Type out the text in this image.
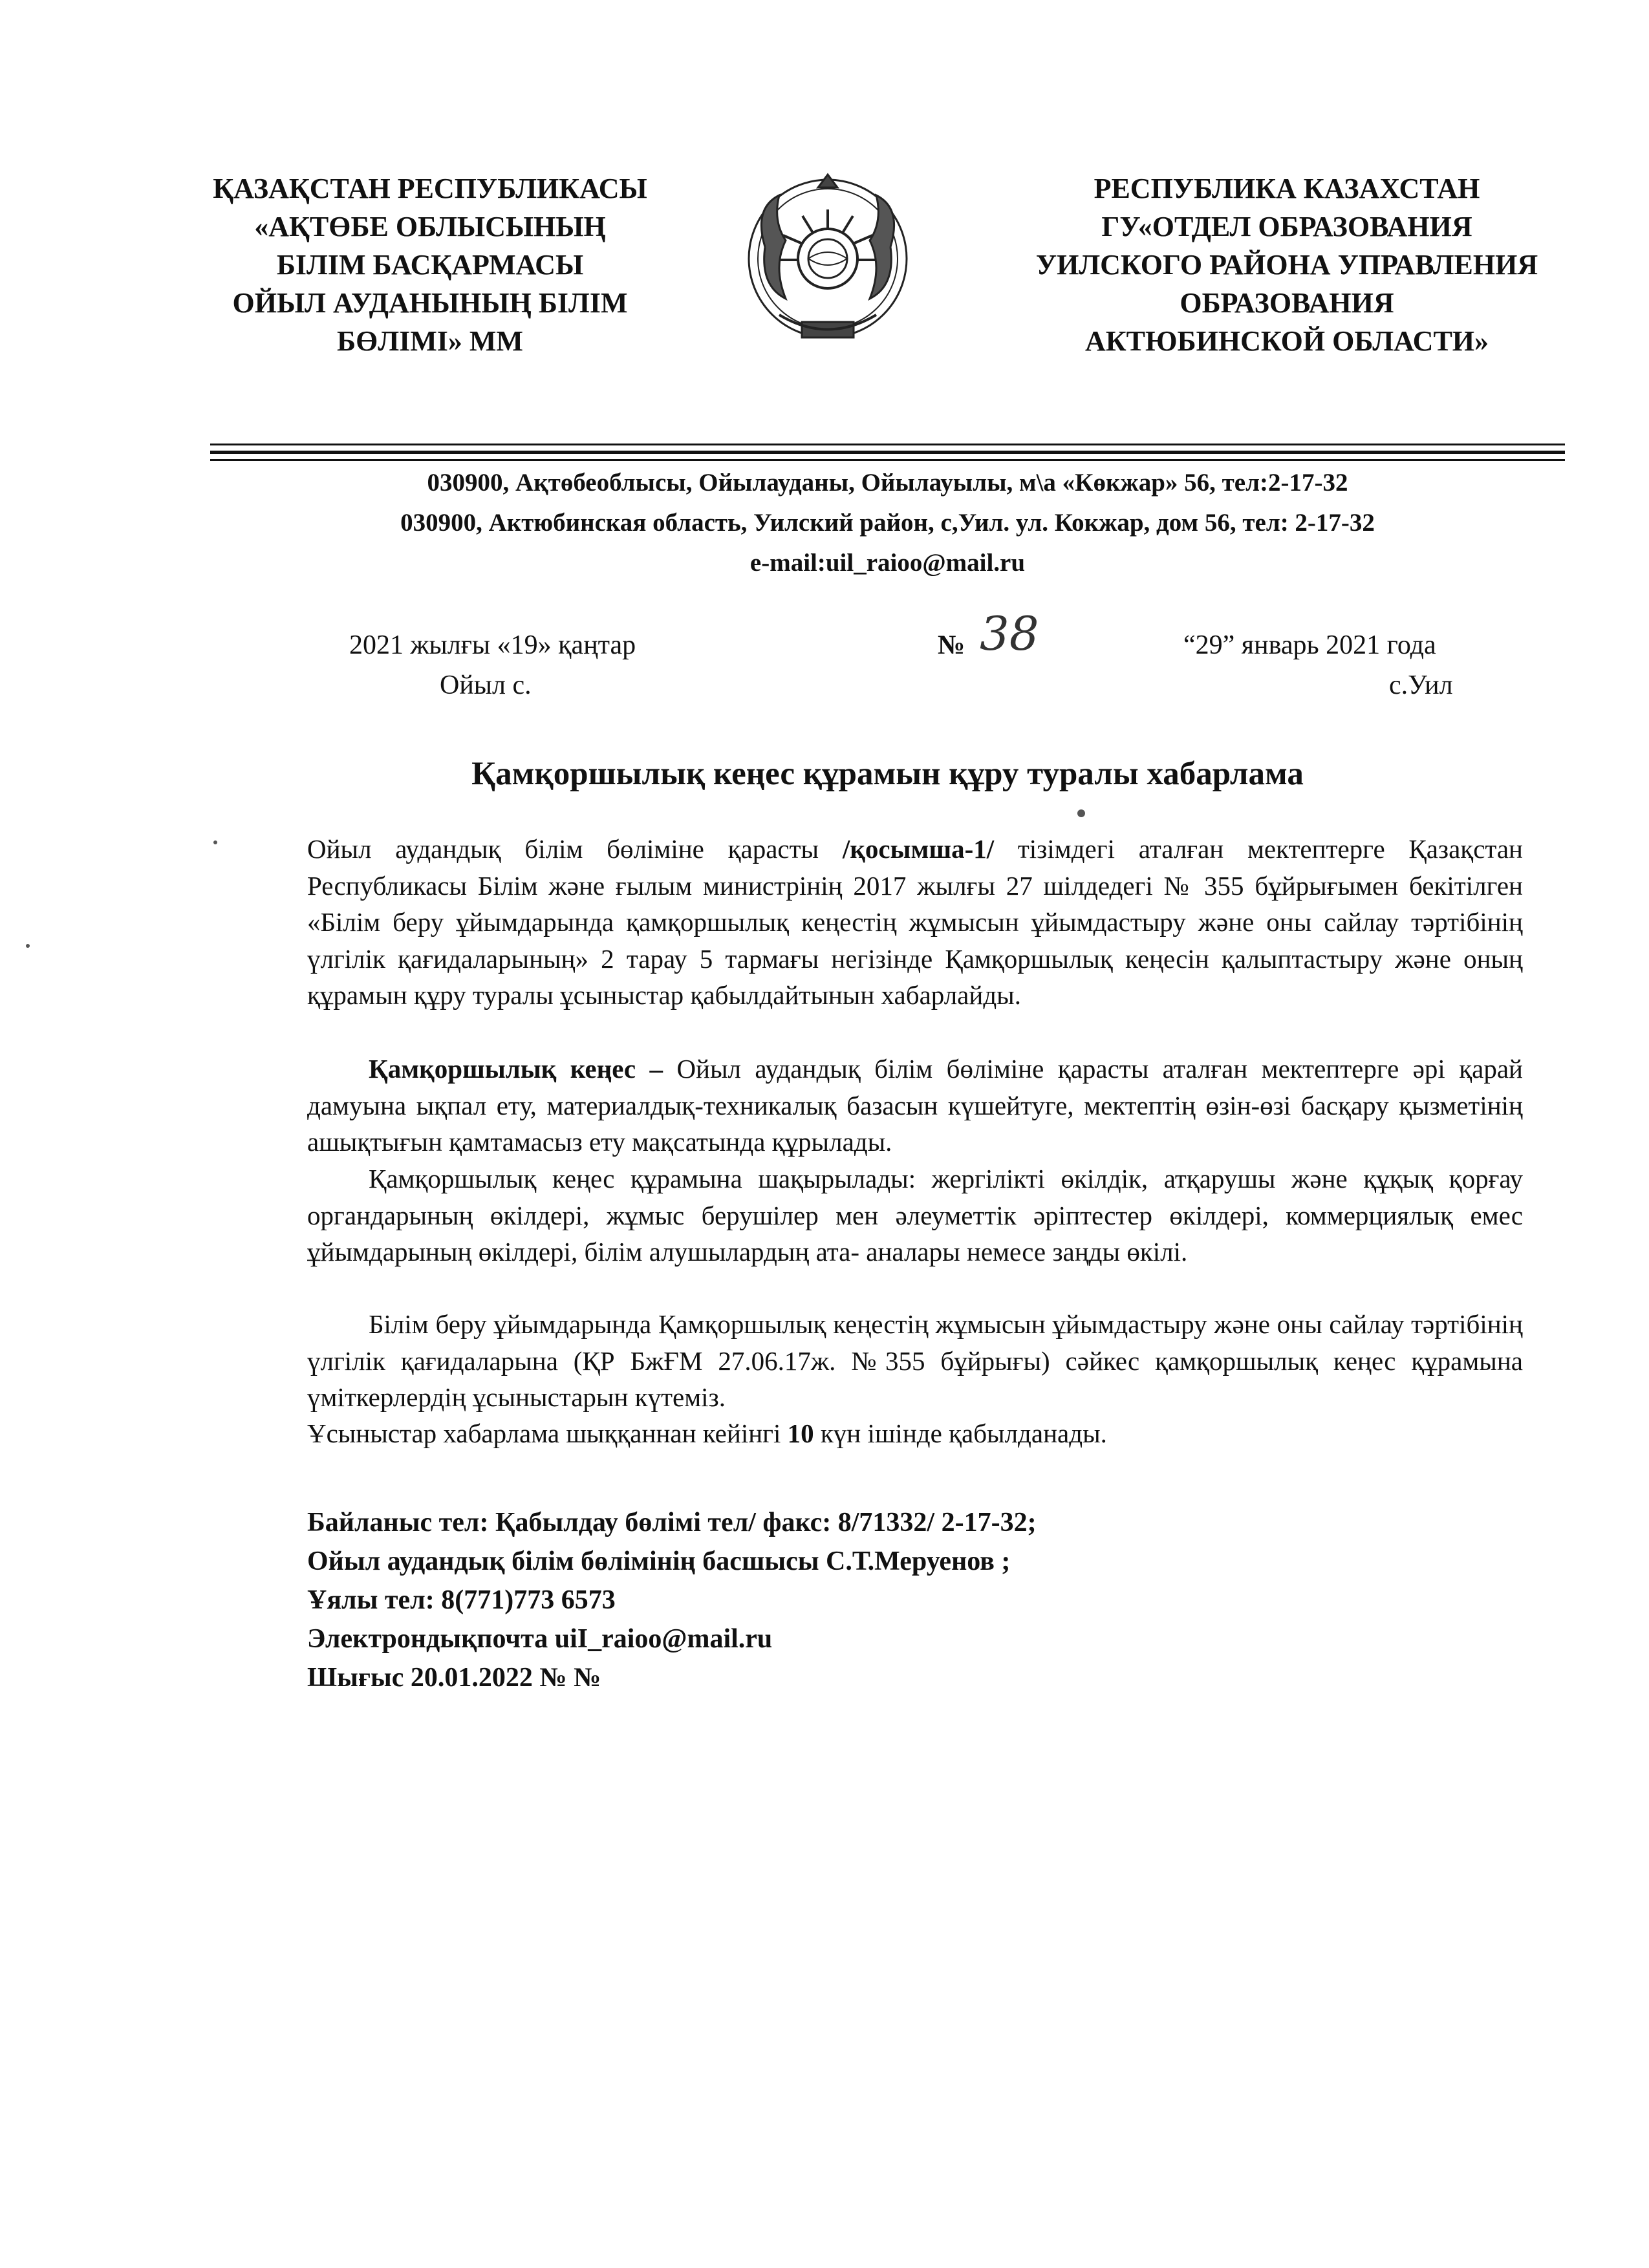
ҚАЗАҚСТАН РЕСПУБЛИКАСЫ
«АҚТӨБЕ ОБЛЫСЫНЫҢ
БІЛІМ БАСҚАРМАСЫ
ОЙЫЛ АУДАНЫНЫҢ БІЛІМ
БӨЛІМІ» ММ
РЕСПУБЛИКА КАЗАХСТАН
ГУ«ОТДЕЛ ОБРАЗОВАНИЯ
УИЛСКОГО РАЙОНА УПРАВЛЕНИЯ
ОБРАЗОВАНИЯ
АКТЮБИНСКОЙ ОБЛАСТИ»
030900, Ақтөбеоблысы, Ойылауданы, Ойылауылы, м\а «Көкжар» 56, тел:2-17-32
030900, Актюбинская область, Уилский район, с,Уил. ул. Кокжар, дом 56, тел: 2-17-32
e-mail:uil_raioo@mail.ru
2021 жылғы «19» қаңтар
Ойыл с.
№ 38	“29” январь 2021 года
с.Уил
Қамқоршылық кеңес құрамын құру туралы хабарлама
Ойыл аудандық білім бөліміне қарасты /қосымша-1/ тізімдегі аталған мектептерге Қазақстан Республикасы Білім және ғылым министрінің 2017 жылғы 27 шілдедегі № 355 бұйрығымен бекітілген «Білім беру ұйымдарында қамқоршылық кеңестің жұмысын ұйымдастыру және оны сайлау тәртібінің үлгілік қағидаларының» 2 тарау 5 тармағы негізінде Қамқоршылық кеңесін қалыптастыру және оның құрамын құру туралы ұсыныстар қабылдайтынын хабарлайды.
Қамқоршылық кеңес – Ойыл аудандық білім бөліміне қарасты аталған мектептерге әрі қарай дамуына ықпал ету, материалдық-техникалық базасын күшейтуге, мектептің өзін-өзі басқару қызметінің ашықтығын қамтамасыз ету мақсатында құрылады.
Қамқоршылық кеңес құрамына шақырылады: жергілікті өкілдік, атқарушы және құқық қорғау органдарының өкілдері, жұмыс берушілер мен әлеуметтік әріптестер өкілдері, коммерциялық емес ұйымдарының өкілдері, білім алушылардың ата- аналары немесе заңды өкілі.
Білім беру ұйымдарында Қамқоршылық кеңестің жұмысын ұйымдастыру және оны сайлау тәртібінің үлгілік қағидаларына (ҚР БжҒМ 27.06.17ж. №355 бұйрығы) сәйкес қамқоршылық кеңес құрамына үміткерлердің ұсыныстарын күтеміз.
Ұсыныстар хабарлама шыққаннан кейінгі 10 күн ішінде қабылданады.
Байланыс тел: Қабылдау бөлімі тел/ факс: 8/71332/ 2-17-32;
Ойыл аудандық білім бөлімінің басшысы С.Т.Меруенов ;
Ұялы тел: 8(771)773 6573
Электрондықпочта uiI_raioo@mail.ru
Шығыс 20.01.2022 № №
